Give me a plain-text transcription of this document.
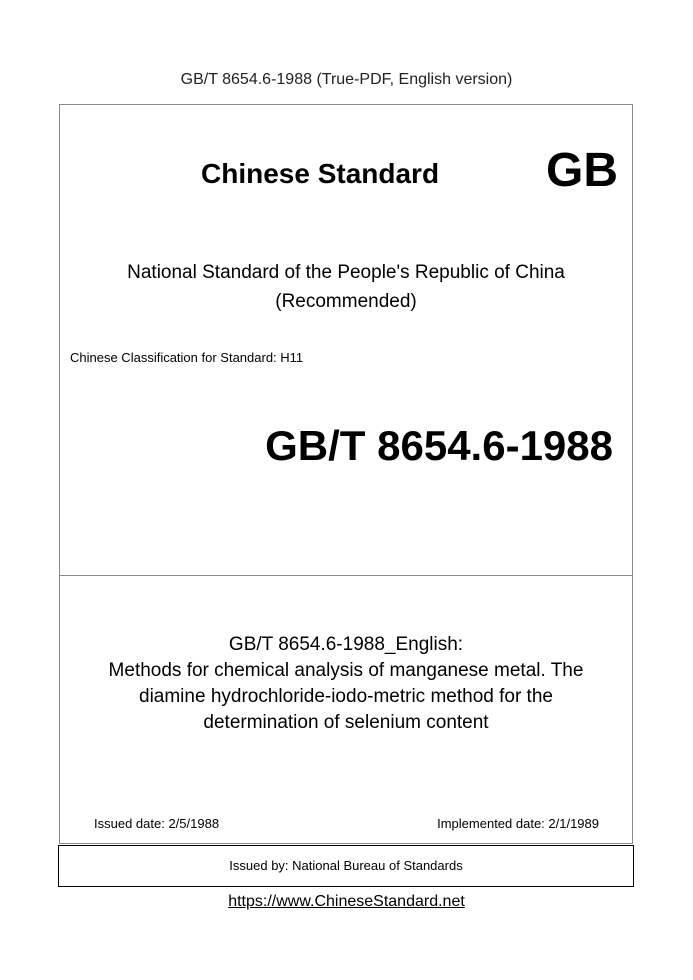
GB/T 8654.6-1988 (True-PDF, English version)
Chinese Standard GB
National Standard of the People's Republic of China
(Recommended)
Chinese Classification for Standard: H11
GB/T 8654.6-1988
GB/T 8654.6-1988_English:
Methods for chemical analysis of manganese metal. The
diamine hydrochloride-iodo-metric method for the
determination of selenium content
Issued date: 2/5/1988	Implemented date: 2/1/1989
Issued by: National Bureau of Standards
https://www.ChineseStandard.net
